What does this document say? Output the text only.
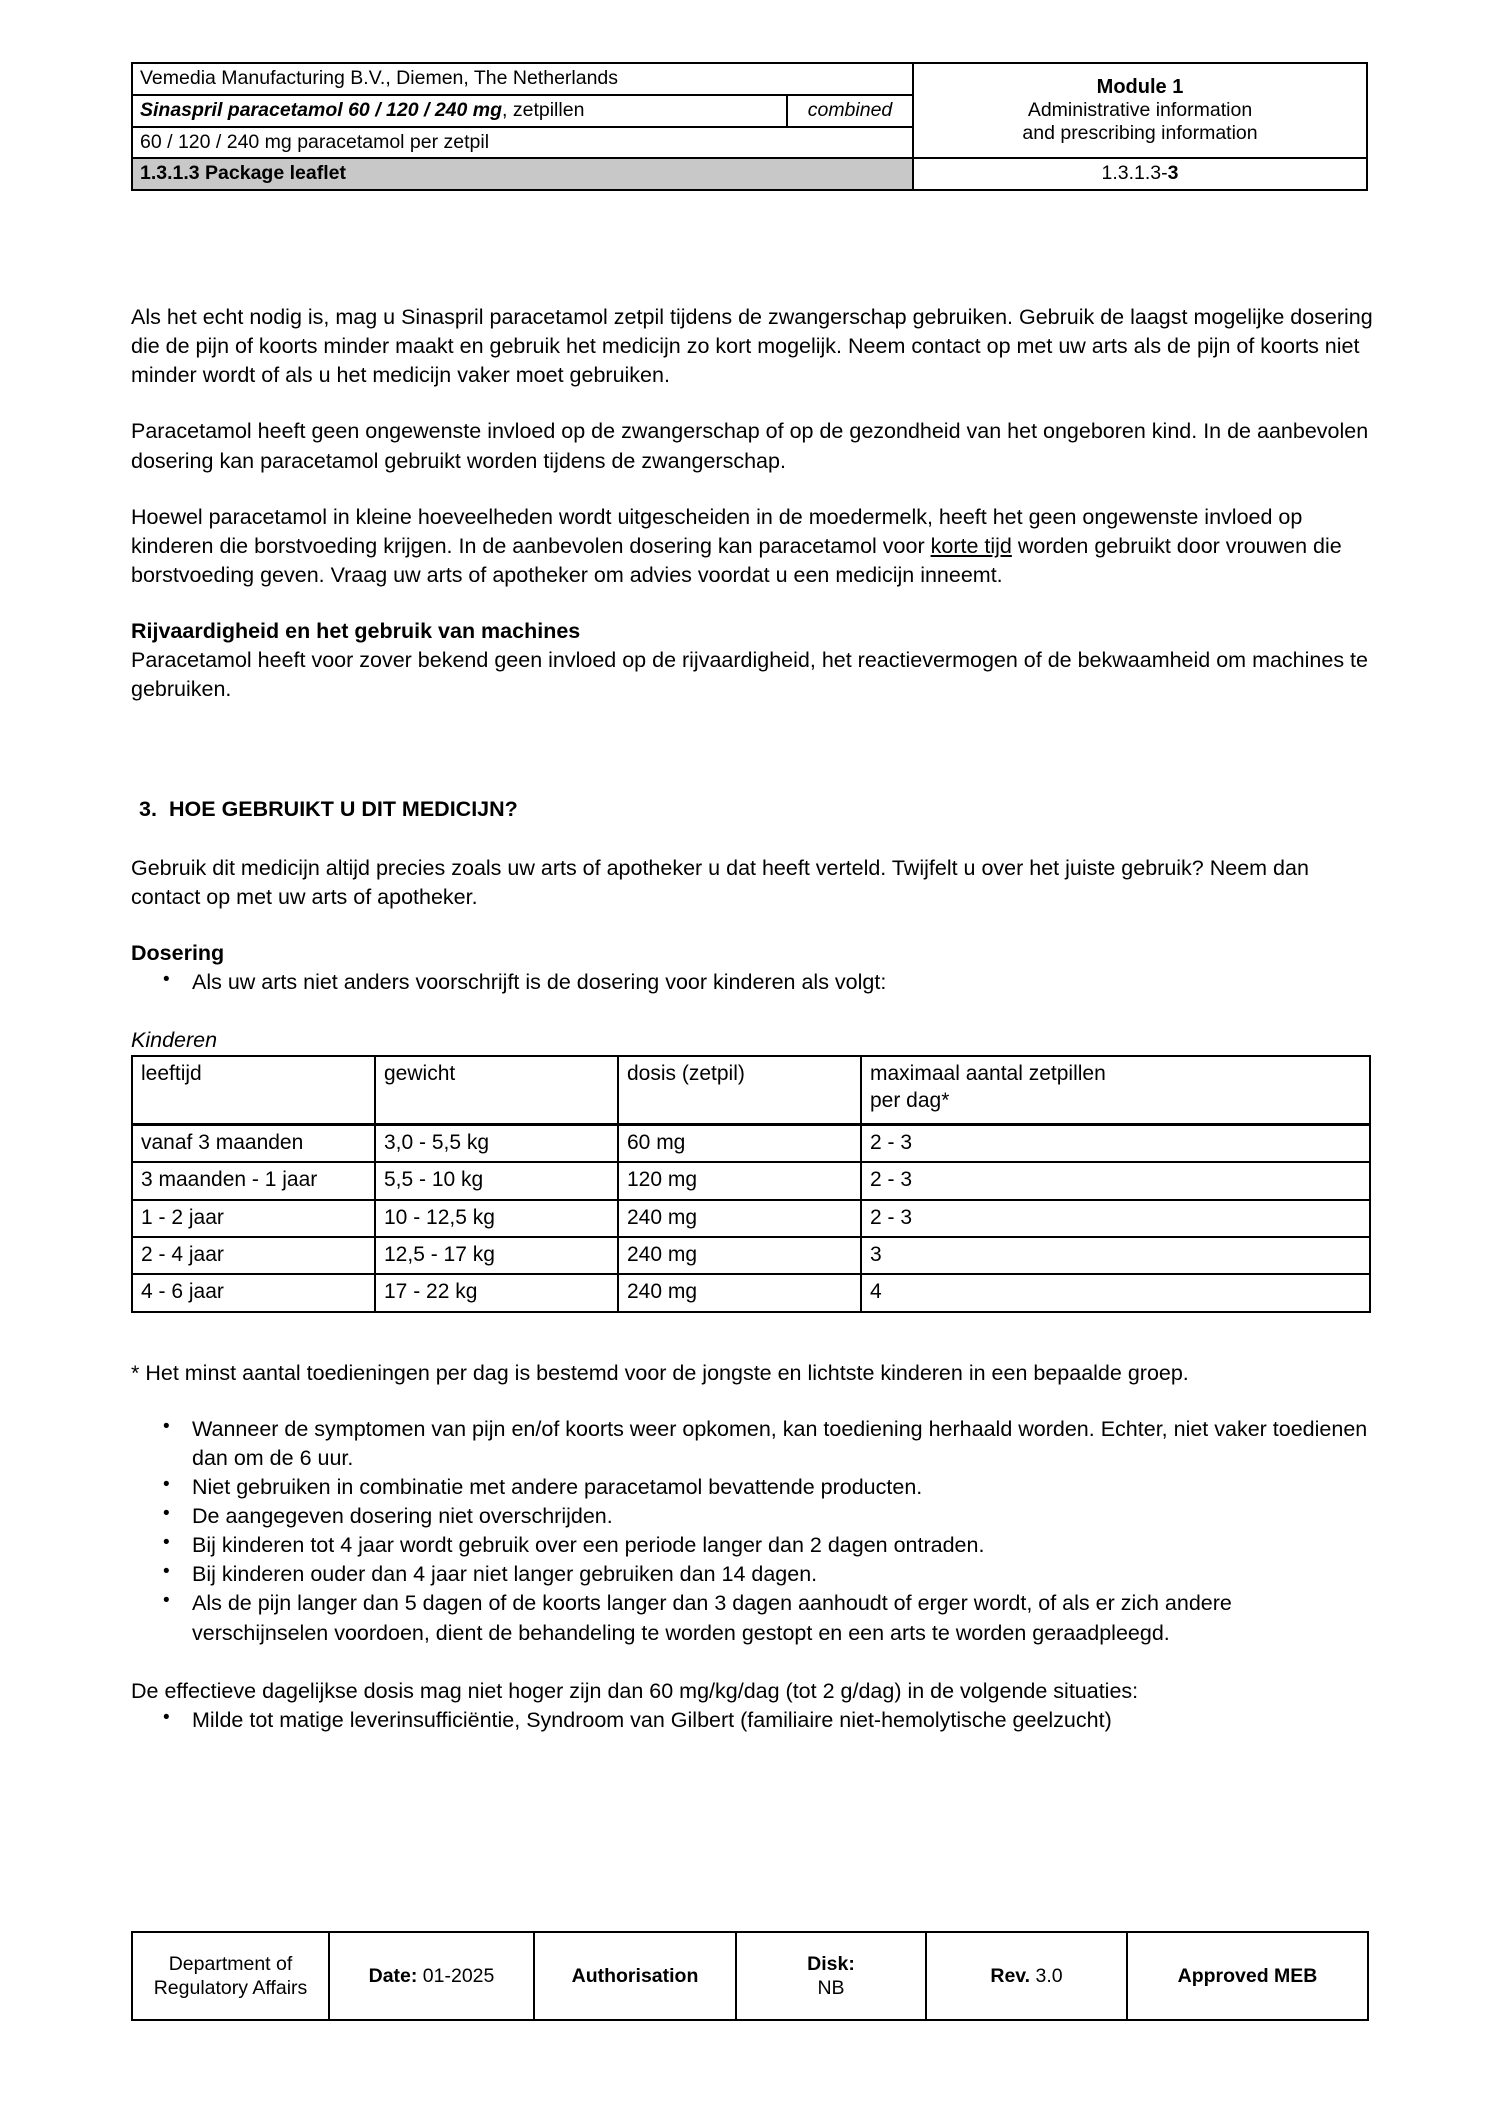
Vemedia Manufacturing B.V., Diemen, The Netherlands		Module 1
Administrative information
and prescribing information
Sinaspril paracetamol 60 / 120 / 240 mg, zetpillen	combined	
60 / 120 / 240 mg paracetamol per zetpil		
1.3.1.3 Package leaflet		1.3.1.3-3

Als het echt nodig is, mag u Sinaspril paracetamol zetpil tijdens de zwangerschap gebruiken. Gebruik de laagst mogelijke dosering die de pijn of koorts minder maakt en gebruik het medicijn zo kort mogelijk. Neem contact op met uw arts als de pijn of koorts niet minder wordt of als u het medicijn vaker moet gebruiken.

Paracetamol heeft geen ongewenste invloed op de zwangerschap of op de gezondheid van het ongeboren kind. In de aanbevolen dosering kan paracetamol gebruikt worden tijdens de zwangerschap.

Hoewel paracetamol in kleine hoeveelheden wordt uitgescheiden in de moedermelk, heeft het geen ongewenste invloed op kinderen die borstvoeding krijgen. In de aanbevolen dosering kan paracetamol voor korte tijd worden gebruikt door vrouwen die borstvoeding geven. Vraag uw arts of apotheker om advies voordat u een medicijn inneemt.

Rijvaardigheid en het gebruik van machines

Paracetamol heeft voor zover bekend geen invloed op de rijvaardigheid, het reactievermogen of de bekwaamheid om machines te gebruiken.

3. HOE GEBRUIKT U DIT MEDICIJN?

Gebruik dit medicijn altijd precies zoals uw arts of apotheker u dat heeft verteld. Twijfelt u over het juiste gebruik? Neem dan contact op met uw arts of apotheker.

Dosering
• Als uw arts niet anders voorschrijft is de dosering voor kinderen als volgt:
Kinderen
leeftijd	gewicht	dosis (zetpil)	maximaal aantal zetpillen
per dag*
vanaf 3 maanden	3,0 - 5,5 kg	60 mg	2 - 3
3 maanden - 1 jaar	5,5 - 10 kg	120 mg	2 - 3
1 - 2 jaar	10 - 12,5 kg	240 mg	2 - 3
2 - 4 jaar	12,5 - 17 kg	240 mg	3
4 - 6 jaar	17 - 22 kg	240 mg	4

* Het minst aantal toedieningen per dag is bestemd voor de jongste en lichtste kinderen in een bepaalde groep.

• Wanneer de symptomen van pijn en/of koorts weer opkomen, kan toediening herhaald worden. Echter, niet vaker toedienen dan om de 6 uur.
• Niet gebruiken in combinatie met andere paracetamol bevattende producten.
• De aangegeven dosering niet overschrijden.
• Bij kinderen tot 4 jaar wordt gebruik over een periode langer dan 2 dagen ontraden.
• Bij kinderen ouder dan 4 jaar niet langer gebruiken dan 14 dagen.
• Als de pijn langer dan 5 dagen of de koorts langer dan 3 dagen aanhoudt of erger wordt, of als er zich andere verschijnselen voordoen, dient de behandeling te worden gestopt en een arts te worden geraadpleegd.

De effectieve dagelijkse dosis mag niet hoger zijn dan 60 mg/kg/dag (tot 2 g/dag) in de volgende situaties:

• Milde tot matige leverinsufficiëntie, Syndroom van Gilbert (familiaire niet-hemolytische geelzucht)
Department of
Regulatory Affairs	Date: 01-2025	Authorisation	Disk:
NB	Rev. 3.0	Approved MEB
